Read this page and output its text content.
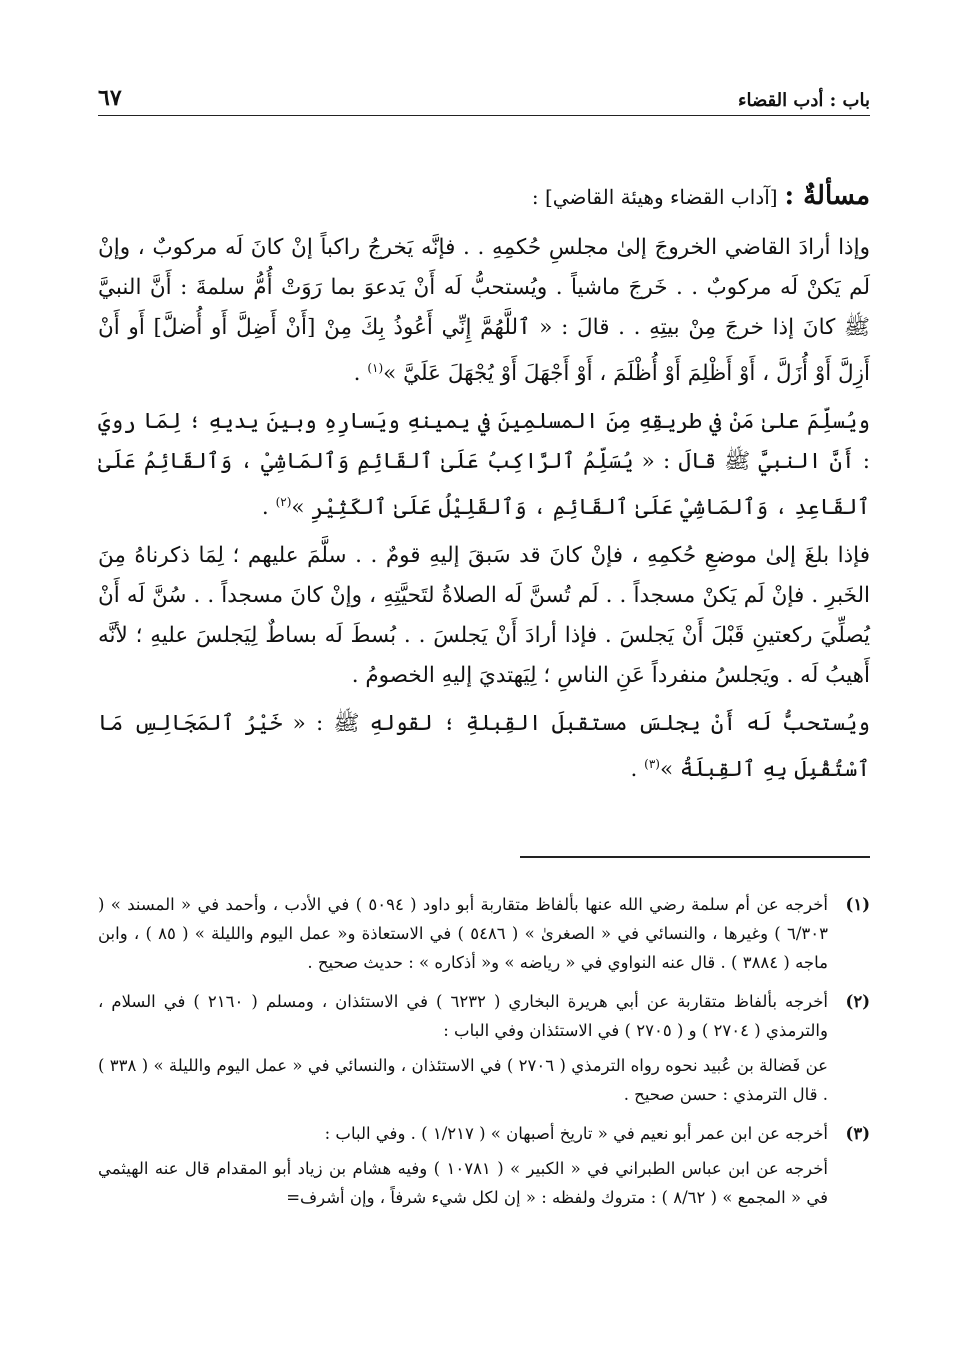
٦٧	باب : أدب القضاء

مسألةٌ : [آداب القضاء وهيئة القاضي] :

وإذا أرادَ القاضي الخروجَ إلىٰ مجلسِ حُكمِهِ . . فإنَّه يَخرجُ راكباً إنْ كانَ لَه مركوبٌ ، وإنْ لَم يَكنْ لَه مركوبٌ . . خَرجَ ماشياً . ويُستحبُّ لَه أَنْ يَدعوَ بما رَوَتْ أُمُّ سلمةَ : أَنَّ النبيَّ ﷺ كانَ إذا خرجَ مِنْ بيتِهِ . . قالَ : « ٱللَّهُمَّ إِنِّي أَعُوذُ بِكَ مِنْ [أَنْ أَضِلَّ أَو أُضلَّ] أَو أَنْ أَزِلَّ أَوْ أُزَلَّ ، أَوْ أَظْلِمَ أَوْ أُظْلَمَ ، أَوْ أَجْهَلَ أَوْ يُجْهَلَ عَلَيَّ »$^{(١)}$ .

ويُسلِّمَ علىٰ مَنْ في طريقِهِ مِنَ المسلمِينَ في يمينهِ ويَسارِهِ وبينَ يديهِ ؛ لِمَا رويَ : أَنَّ النبيَّ ﷺ قالَ : « يُسَلِّمُ ٱلرَّاكِبُ عَلَىٰ ٱلقَائِمِ وَٱلمَاشِيْ ، وَٱلقَائِمُ عَلَىٰ ٱلقَاعِدِ ، وَٱلمَاشِيْ عَلَىٰ ٱلقَائِمِ ، وَٱلقَلِيْلُ عَلَىٰ ٱلكَثِيْرِ »$^{(٢)}$ .

فإذا بلغَ إلىٰ موضعِ حُكمِهِ ، فإنْ كانَ قد سَبقَ إليهِ قومٌ . . سلَّمَ عليهم ؛ لِمَا ذكرناهُ مِنَ الخَبرِ . فإنْ لَم يَكنْ مسجداً . . لَم تُسنَّ لَه الصلاةُ لتَحيَّتِهِ ، وإنْ كانَ مسجداً . . سُنَّ لَه أَنْ يُصلِّيَ ركعتينِ قَبْلَ أَنْ يَجلسَ . فإذا أرادَ أَنْ يَجلسَ . . بُسطَ لَه بساطٌ لِيَجلسَ عليهِ ؛ لأنَّه أَهيبُ لَه . ويَجلسُ منفرداً عَنِ الناسِ ؛ لِيَهتديَ إليهِ الخصومُ .

ويُستحبُّ لَه أَنْ يجلسَ مستقبلَ القِبلةِ ؛ لقولهِ ﷺ : « خَيْرُ ٱلمَجَالِسِ مَا ٱسْتُقْبِلَ بِهِ ٱلقِبلَةُ »$^{(٣)}$ .

(١)

أخرجه عن أم سلمة رضي الله عنها بألفاظ متقاربة أبو داود ( ٥٠٩٤ ) في الأدب ، وأحمد في « المسند » ( ٦/٣٠٣ ) وغيرها ، والنسائي في « الصغرىٰ » ( ٥٤٨٦ ) في الاستعاذة و« عمل اليوم والليلة » ( ٨٥ ) ، وابن ماجه ( ٣٨٨٤ ) . قال عنه النواوي في « رياضه » و« أذكاره » : حديث صحيح .

(٢)

أخرجه بألفاظ متقاربة عن أبي هريرة البخاري ( ٦٢٣٢ ) في الاستئذان ، ومسلم ( ٢١٦٠ ) في السلام ، والترمذي ( ٢٧٠٤ ) و ( ٢٧٠٥ ) في الاستئذان وفي الباب :

عن فَضالة بن عُبيد نحوه رواه الترمذي ( ٢٧٠٦ ) في الاستئذان ، والنسائي في « عمل اليوم والليلة » ( ٣٣٨ ) . قال الترمذي : حسن صحيح .

(٣)

أخرجه عن ابن عمر أبو نعيم في « تاريخ أصبهان » ( ١/٢١٧ ) . وفي الباب :

أخرجه عن ابن عباس الطبراني في « الكبير » ( ١٠٧٨١ ) وفيه هشام بن زياد أبو المقدام قال عنه الهيثمي في « المجمع » ( ٨/٦٢ ) : متروك ولفظه : « إن لكل شيء شرفاً ، وإن أشرف=
